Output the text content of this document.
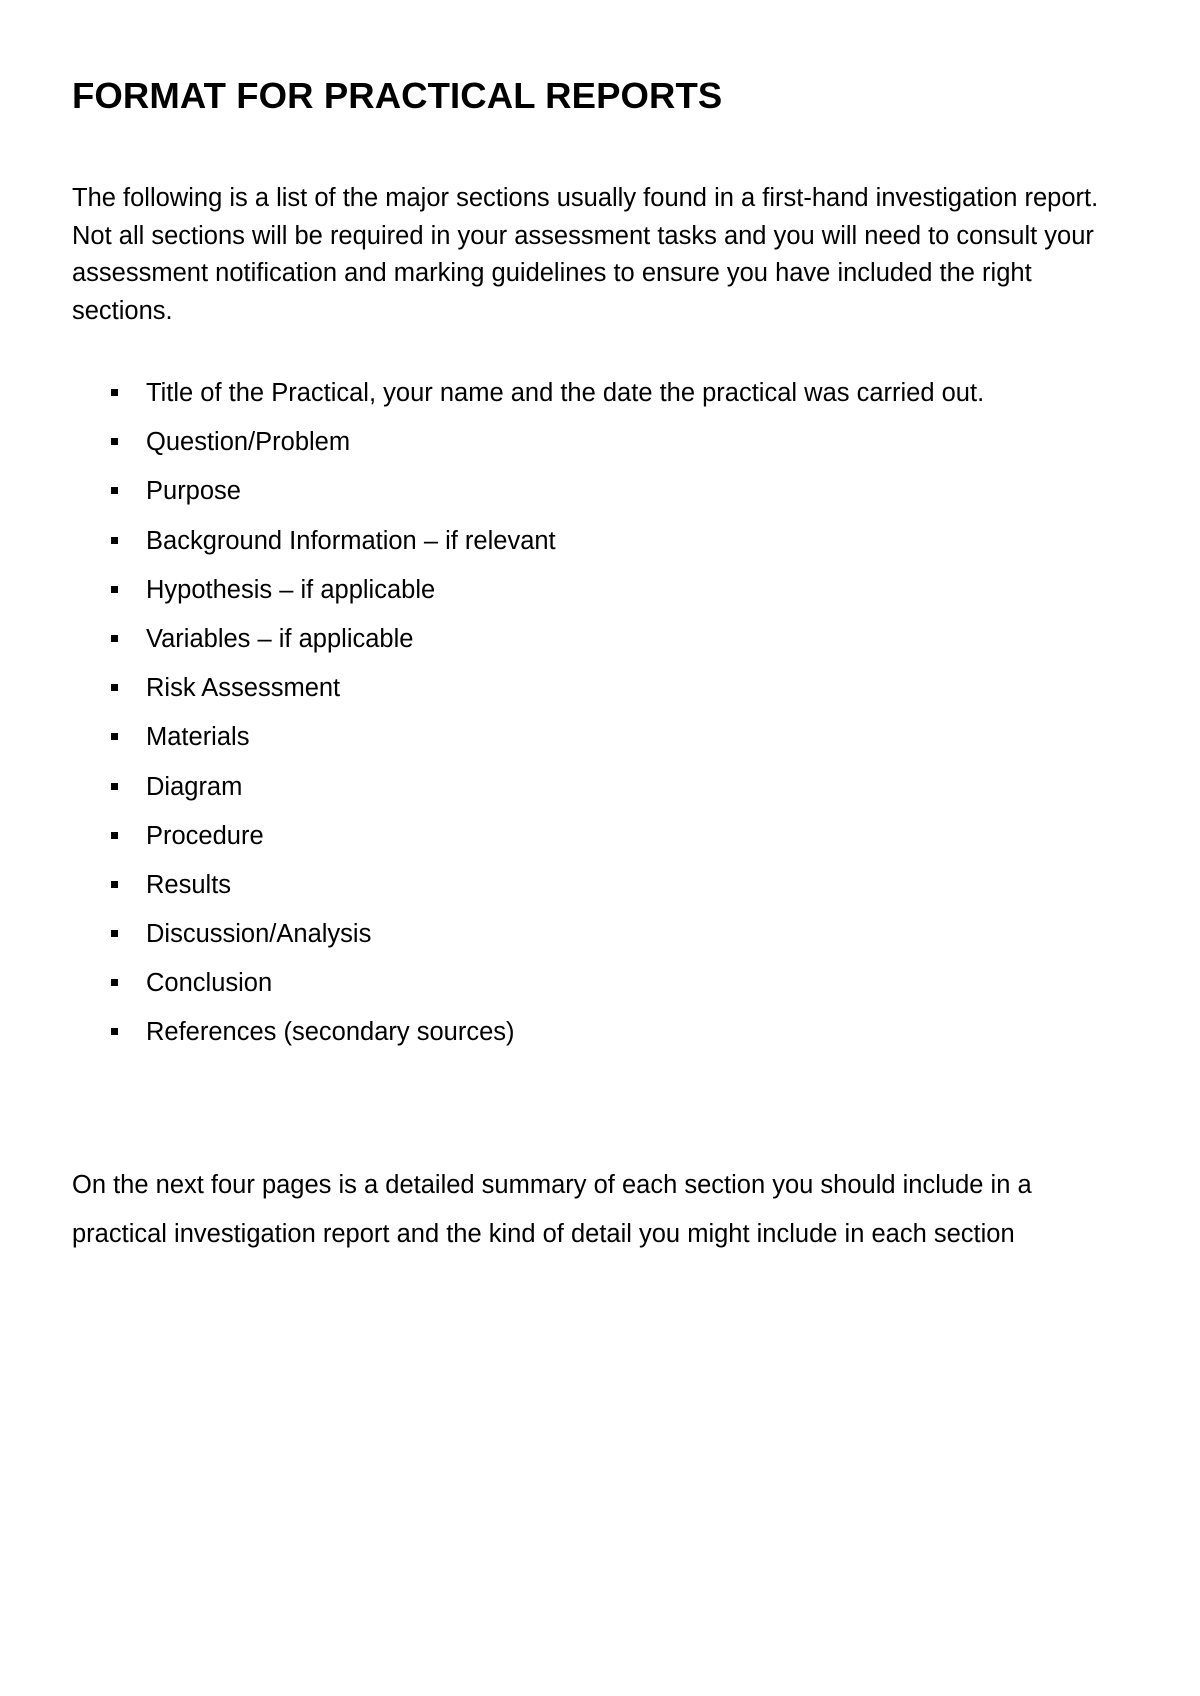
FORMAT FOR PRACTICAL REPORTS

The following is a list of the major sections usually found in a first-hand investigation report. Not all sections will be required in your assessment tasks and you will need to consult your assessment notification and marking guidelines to ensure you have included the right sections.

Title of the Practical, your name and the date the practical was carried out.
Question/Problem
Purpose
Background Information – if relevant
Hypothesis – if applicable
Variables – if applicable
Risk Assessment
Materials
Diagram
Procedure
Results
Discussion/Analysis
Conclusion
References (secondary sources)

On the next four pages is a detailed summary of each section you should include in a practical investigation report and the kind of detail you might include in each section
